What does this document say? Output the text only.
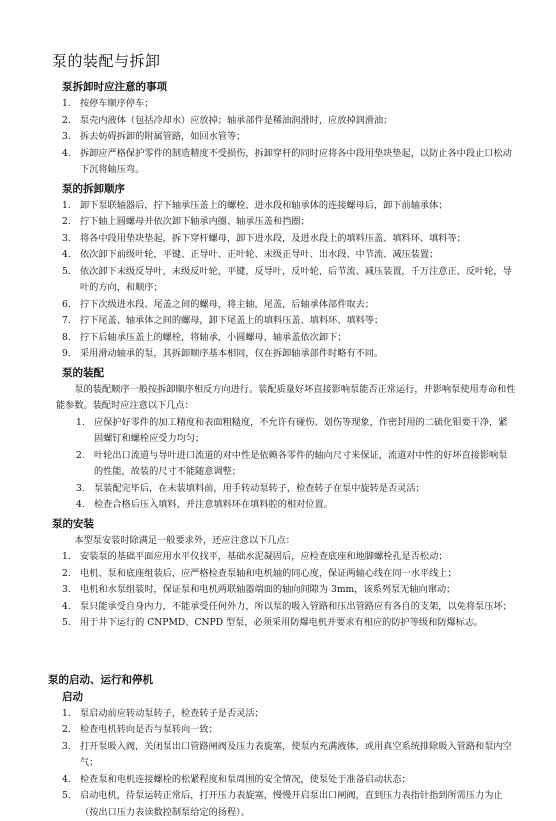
泵的装配与拆卸
泵拆卸时应注意的事项
1.	按停车顺序停车；
2.	泵壳内液体（包括冷却水）应放掉；轴承部件是稀油润滑时，应放掉润滑油；
3.	拆去妨碍拆卸的附属管路，如回水管等；
4.	拆卸应严格保护零件的制造精度不受损伤，拆卸穿杆的同时应将各中段用垫块垫起，以防止各中段止口松动下沉将轴压弯。
泵的拆卸顺序
1.	卸下泵联轴器后，拧下轴承压盖上的螺栓、进水段和轴承体的连接螺母后，卸下前轴承体；
2.	拧下轴上圆螺母并依次卸下轴承内圈、轴承压盖和挡圈；
3.	将各中段用垫块垫起，拆下穿杆螺母，卸下进水段，及进水段上的填料压盖、填料环、填料等；
4.	依次卸下前级叶轮，平键、正导叶、正叶轮、末级正导叶、出水段、中节流、减压装置；
5.	依次卸下末级反导叶，末级反叶轮，平键，反导叶，反叶轮，后节流、减压装置，千万注意正、反叶轮，导叶的方向，和顺序；
6.	拧下次级进水段、尾盖之间的螺母，将主轴，尾盖，后轴承体部件取去；
7.	拧下尾盖、轴承体之间的螺母，卸下尾盖上的填料压盖、填料环、填料等；
8.	拧下后轴承压盖上的螺栓，将轴承，小圆螺母，轴承盖依次卸下；
9.	采用滑动轴承的泵，其拆卸顺序基本相同，仅在拆卸轴承部件时略有不同。
泵的装配

泵的装配顺序一般按拆卸顺序相反方向进行。装配质量好坏直接影响泵能否正常运行，并影响泵使用寿命和性能参数。装配时应注意以下几点：

1.	应保护好零件的加工精度和表面粗糙度，不允许有碰伤、划伤等现象，作密封用的二硫化钼要干净，紧固螺钉和螺栓应受力均匀；
2.	叶轮出口流道与导叶进口流道的对中性是依赖各零件的轴向尺寸来保证，流道对中性的好坏直接影响泵的性能，故装的尺寸不能随意调整；
3.	泵装配完毕后，在未装填料前，用手转动泵转子，检查转子在泵中旋转是否灵活；
4.	检查合格后压入填料，并注意填料环在填料腔的相对位置。
泵的安装

本型泵安装时除满足一般要求外，还应注意以下几点：

1.	安装泵的基础平面应用水平仪找平，基础水泥凝固后，应检查底座和地脚螺栓孔是否松动；
2.	电机、泵和底座组装后，应严格检查泵轴和电机轴的同心度，保证两轴心线在同一水平线上；
3.	电机和水泵组装时，保证泵和电机两联轴器端面的轴向间隙为 3mm，该系列泵无轴向窜动；
4.	泵只能承受自身内力，不能承受任何外力，所以泵的吸入管路和压出管路应有各自的支架，以免将泵压坏；
5.	用于井下运行的 CNPMD、CNPD 型泵，必须采用防爆电机并要求有相应的防护等级和防爆标志。
泵的启动、运行和停机
启动
1.	泵启动前应转动泵转子，检查转子是否灵活；
2.	检查电机转向是否与泵转向一致；
3.	打开泵吸入阀，关闭泵出口管路闸阀及压力表旋塞，使泵内充满液体，或用真空系统排除吸入管路和泵内空气；
4.	检查泵和电机连接螺栓的松紧程度和泵周围的安全情况，使泵处于准备启动状态；
5.	启动电机，待泵运转正常后，打开压力表旋塞，慢慢开启泵出口闸阀，直到压力表指针指到所需压力为止（按出口压力表读数控制泵给定的扬程）。
